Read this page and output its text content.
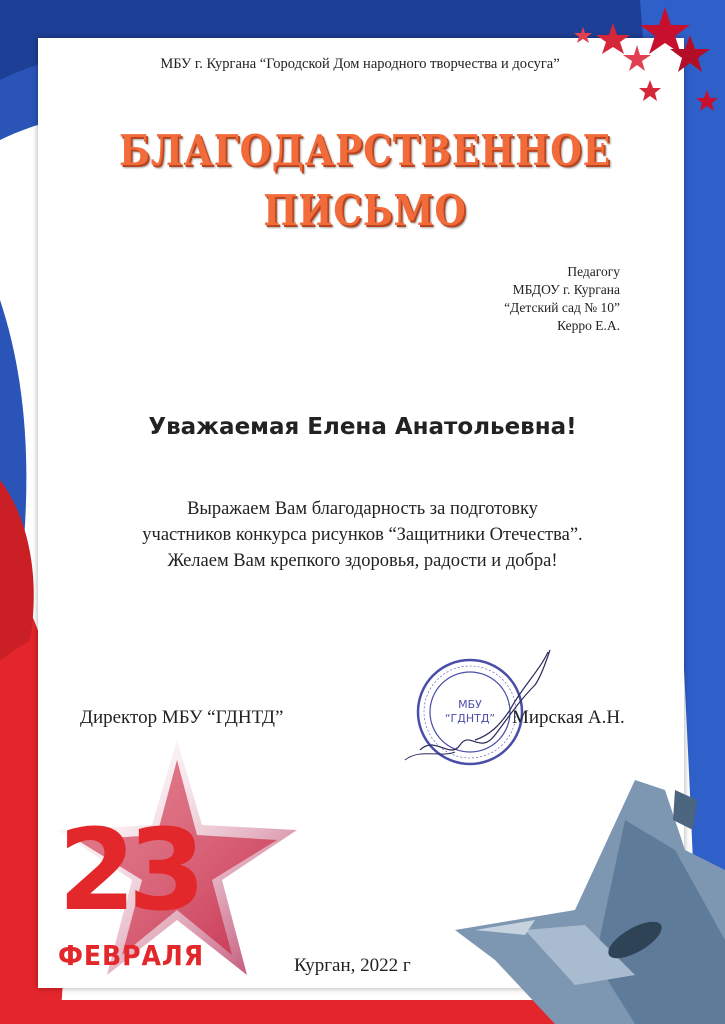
МБУ г. Кургана “Городской Дом народного творчества и досуга”
БЛАГОДАРСТВЕННОЕ
ПИСЬМО
Педагогу
МБДОУ г. Кургана
“Детский сад № 10”
Керро Е.А.
Уважаемая Елена Анатольевна!
Выражаем Вам благодарность за подготовку
участников конкурса рисунков “Защитники Отечества”.
Желаем Вам крепкого здоровья, радости и добра!
МБУ
“ГДНТД”
Директор МБУ “ГДНТД”	Мирская А.Н.
23
ФЕВРАЛЯ	Курган, 2022 г
